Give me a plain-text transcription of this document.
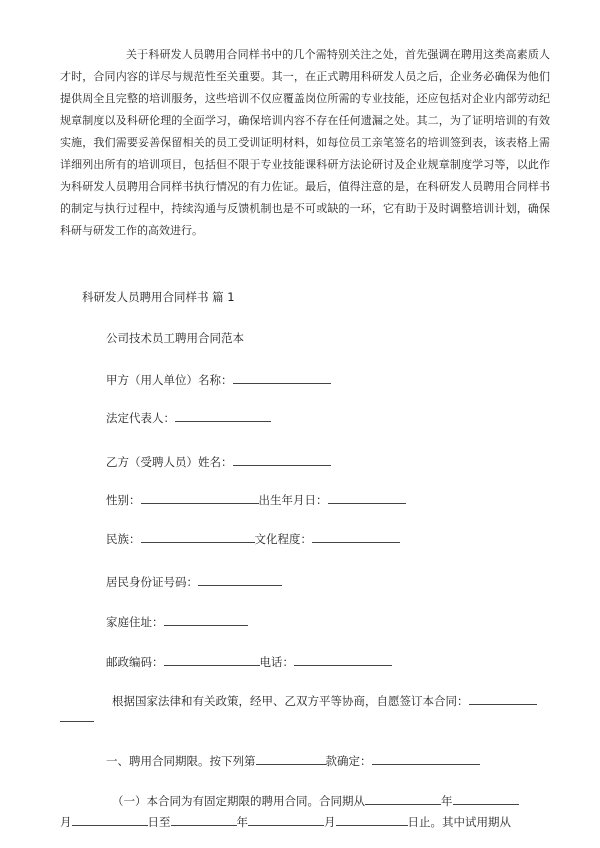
关于科研发人员聘用合同样书中的几个需特别关注之处，首先强调在聘用这类高素质人才时，合同内容的详尽与规范性至关重要。其一，在正式聘用科研发人员之后，企业务必确保为他们提供周全且完整的培训服务，这些培训不仅应覆盖岗位所需的专业技能，还应包括对企业内部劳动纪规章制度以及科研伦理的全面学习，确保培训内容不存在任何遗漏之处。其二，为了证明培训的有效实施，我们需要妥善保留相关的员工受训证明材料，如每位员工亲笔签名的培训签到表，该表格上需详细列出所有的培训项目，包括但不限于专业技能课科研方法论研讨及企业规章制度学习等，以此作为科研发人员聘用合同样书执行情况的有力佐证。最后，值得注意的是，在科研发人员聘用合同样书的制定与执行过程中，持续沟通与反馈机制也是不可或缺的一环，它有助于及时调整培训计划，确保科研与研发工作的高效进行。
科研发人员聘用合同样书 篇 1
公司技术员工聘用合同范本
甲方（用人单位）名称：
法定代表人：
乙方（受聘人员）姓名：
性别：	出生年月日：
民族：	文化程度：
居民身份证号码：
家庭住址：
邮政编码：	电话：
根据国家法律和有关政策，经甲、乙双方平等协商，自愿签订本合同：
一、聘用合同期限。按下列第	款确定：
（一）本合同为有固定期限的聘用合同。合同期从	年
月	日至	年	月	日止。其中试用期从
